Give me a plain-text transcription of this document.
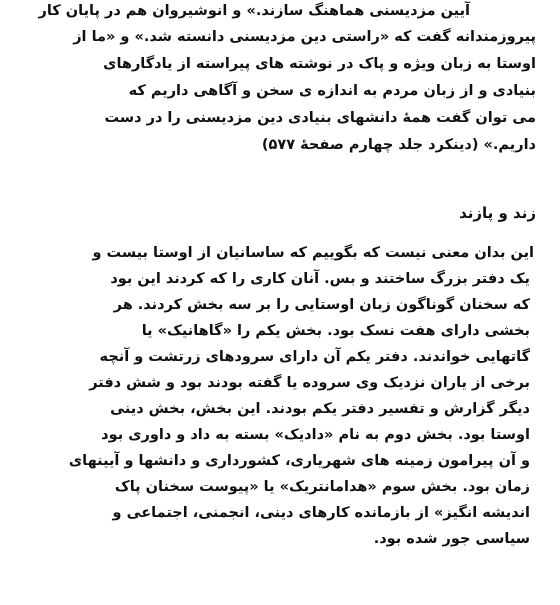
آیین مزدیسنی هماهنگ سازند.» و انوشیروان هم در پایان کار

پیروزمندانه گفت که «راستی دین مزدیسنی دانسته شد.» و «ما از

اوستا به زبان ویژه و پاک در نوشته های پیراسته از یادگارهای

بنیادی و از زبان مردم به اندازه ی سخن و آگاهی داریم که

می توان گفت همهٔ دانشهای بنیادی دین مزدیسنی را در دست

داریم.» (دینکرد جلد چهارم صفحهٔ ۵۷۷)

زند و پازند

این بدان معنی نیست که بگوییم که ساسانیان از اوستا بیست و

یک دفتر بزرگ ساختند و بس. آنان کاری را که کردند این بود

که سخنان گوناگون زبان اوستایی را بر سه بخش کردند. هر

بخشی دارای هفت نسک بود. بخش یکم را «گاهانیک» یا

گاتهایی خواندند. دفتر یکم آن دارای سرودهای زرتشت و آنچه

برخی از یاران نزدیک وی سروده یا گفته بودند بود و شش دفتر

دیگر گزارش و تفسیر دفتر یکم بودند. این بخش، بخش دینی

اوستا بود. بخش دوم به نام «دادیک» بسته به داد و داوری بود

و آن پیرامون زمینه های شهریاری، کشورداری و دانشها و آیینهای

زمان بود. بخش سوم «هدامانتریک» یا «پیوست سخنان پاک

اندیشه انگیز» از بازمانده کارهای دینی، انجمنی، اجتماعی و

سیاسی جور شده بود.
